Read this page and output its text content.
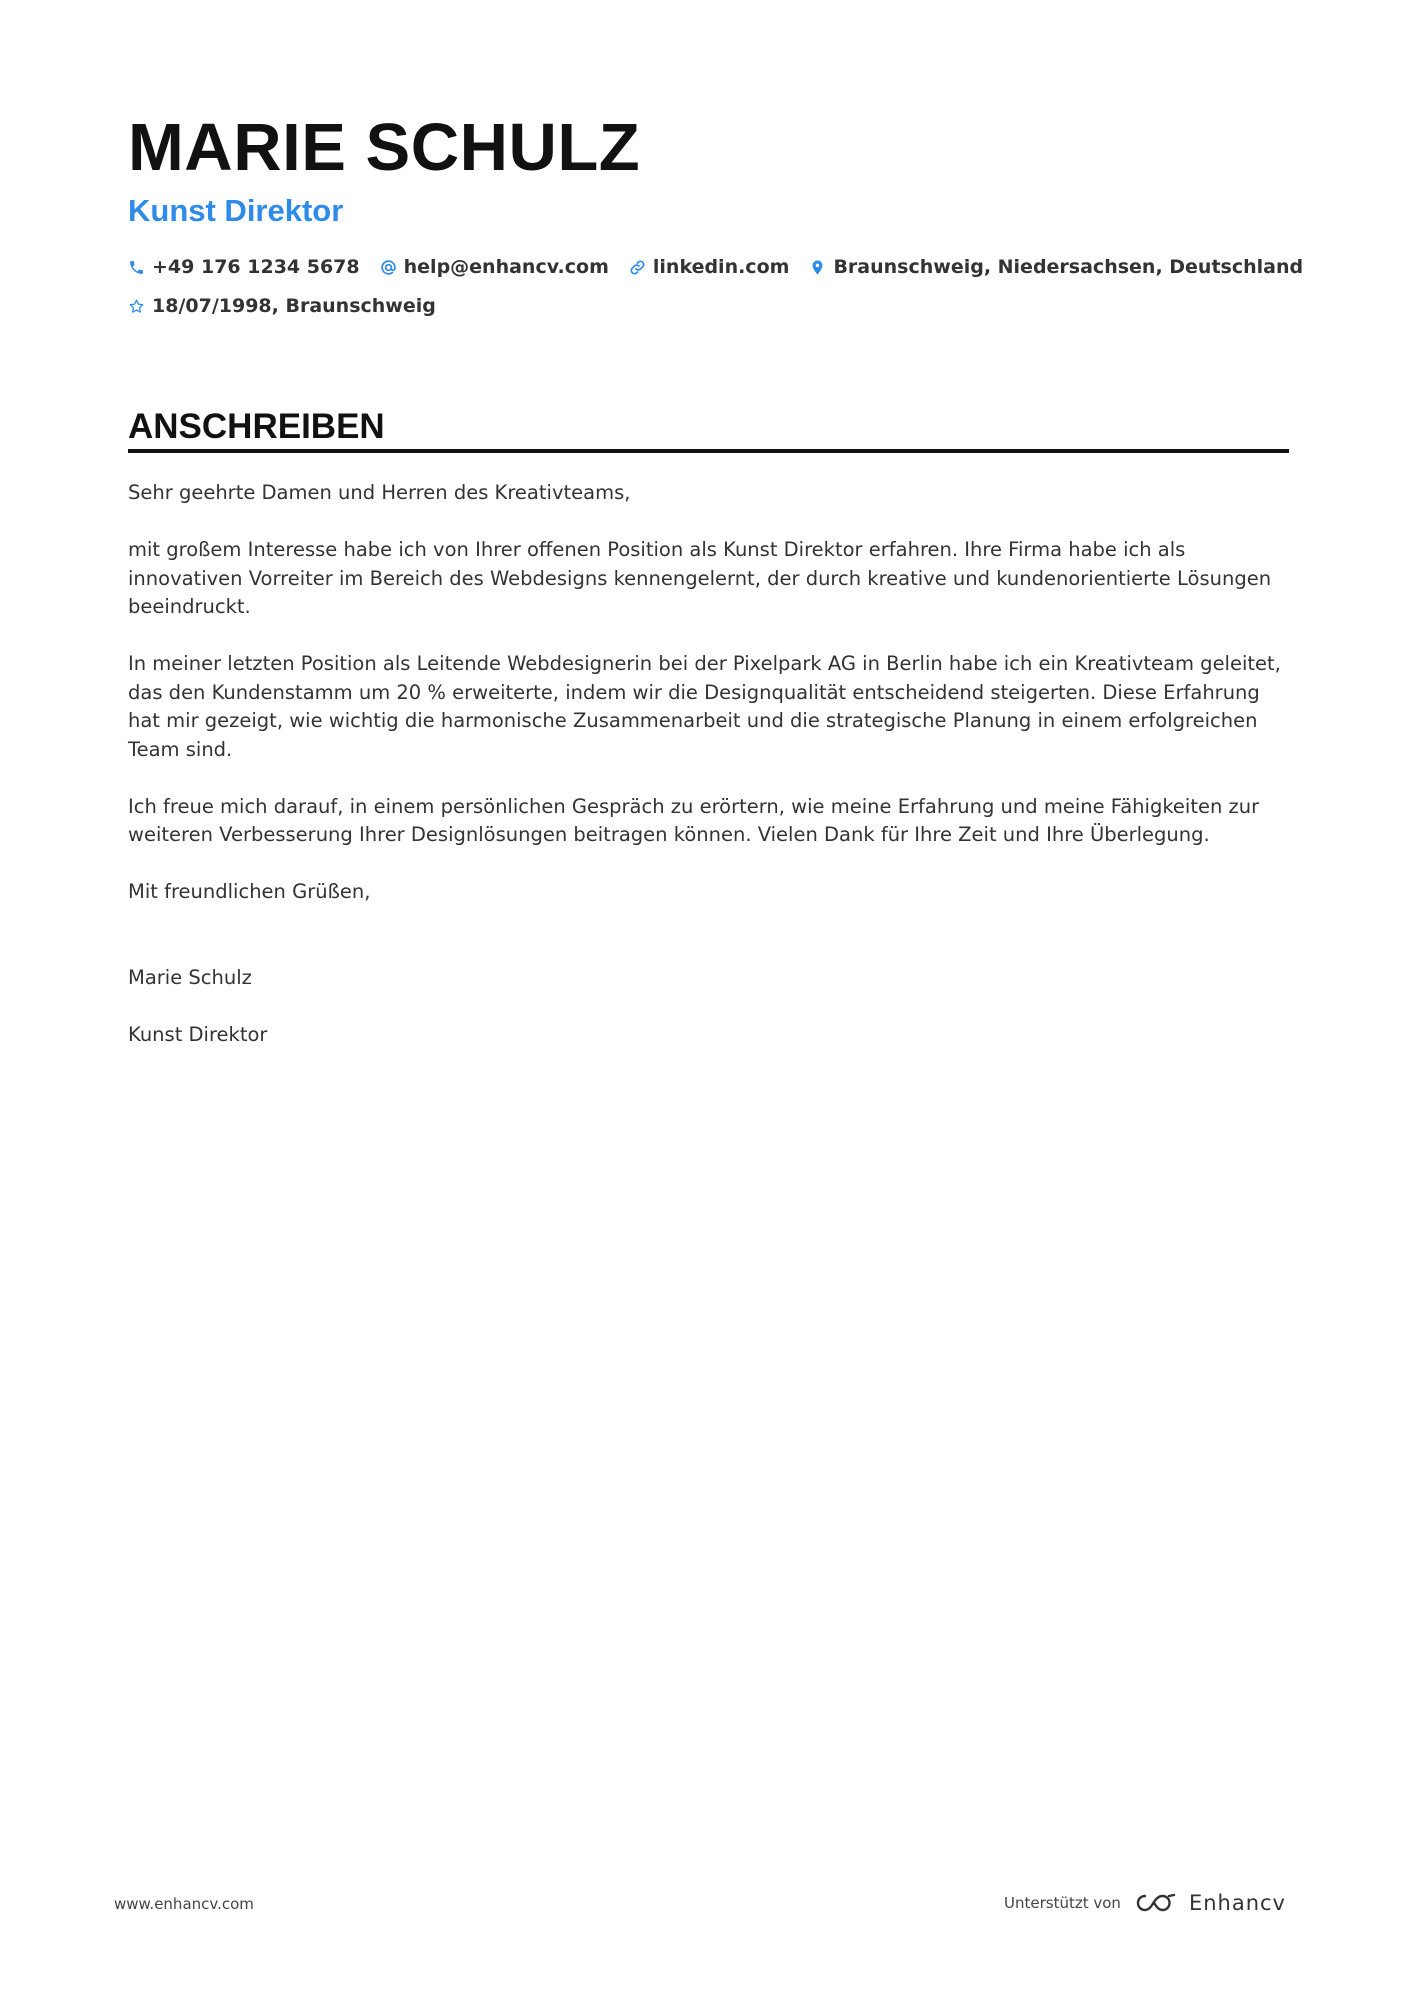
MARIE SCHULZ
Kunst Direktor
+49 176 1234 5678 help@enhancv.com linkedin.com Braunschweig, Niedersachsen, Deutschland
18/07/1998, Braunschweig
ANSCHREIBEN

Sehr geehrte Damen und Herren des Kreativteams,

mit großem Interesse habe ich von Ihrer offenen Position als Kunst Direktor erfahren. Ihre Firma habe ich als innovativen Vorreiter im Bereich des Webdesigns kennengelernt, der durch kreative und kundenorientierte Lösungen beeindruckt.

In meiner letzten Position als Leitende Webdesignerin bei der Pixelpark AG in Berlin habe ich ein Kreativteam geleitet, das den Kundenstamm um 20 % erweiterte, indem wir die Designqualität entscheidend steigerten. Diese Erfahrung hat mir gezeigt, wie wichtig die harmonische Zusammenarbeit und die strategische Planung in einem erfolgreichen Team sind.

Ich freue mich darauf, in einem persönlichen Gespräch zu erörtern, wie meine Erfahrung und meine Fähigkeiten zur weiteren Verbesserung Ihrer Designlösungen beitragen können. Vielen Dank für Ihre Zeit und Ihre Überlegung.

Mit freundlichen Grüßen,

Marie Schulz

Kunst Direktor

www.enhancv.com	Unterstützt von	Enhancv
